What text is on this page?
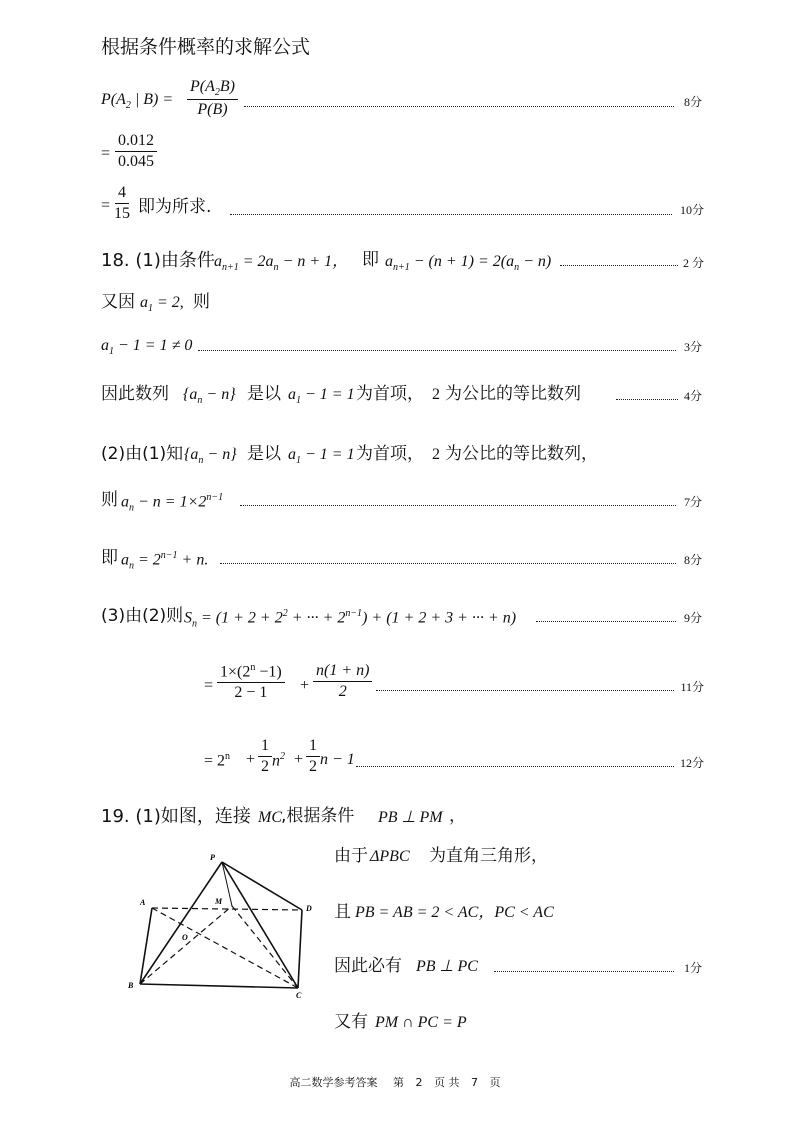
根据条件概率的求解公式
$P(A_2$ | $B) = \frac{P(A_2B)}{P(B)}$	8分
= $\frac{0.012}{0.045}$
= $\frac{4}{15}$ 即为所求.	10分
18. (1)由条件 $a_{n+1} = 2a_n - n + 1$， 即 $a_{n+1} - (n + 1) = 2(a_n - n)$	2 分
又因 $a_1 = 2$, 则
$a_1 - 1 = 1 \ne 0$	3分
因此数列 $\{a_n - n\}$ 是以 $a_1 - 1 = 1$ 为首项， 2 为公比的等比数列	4分
(2)由(1)知 $\{a_n - n\}$ 是以 $a_1 - 1 = 1$ 为首项， 2 为公比的等比数列，
则 $a_n - n = 1\times 2^{n-1}$	7分
即 $a_n = 2^{n-1} + n$.	8分
(3)由(2)则 $S_n = (1 + 2 + 2^2$ + ··· + $2^{n-1}) + (1 + 2 + 3$ + ··· + n)	9分
= $\frac{1\times(2^n -1)}{2 - 1} + \frac{n(1 + n)}{2}$	11分
= $2^n + \frac{1}{2} n^2 + \frac{1}{2}$ n − 1	12分
19. (1)如图，连接 MC ,根据条件 PB ⊥ PM ，
P
A	M
D
O
B
C
由于 ΔPBC 为直角三角形，
且 PB = AB = 2 < AC，PC < AC
因此必有 PB ⊥ PC	1分
又有 PM ∩ PC = P
高二数学参考答案 第 2 页 共 7 页
